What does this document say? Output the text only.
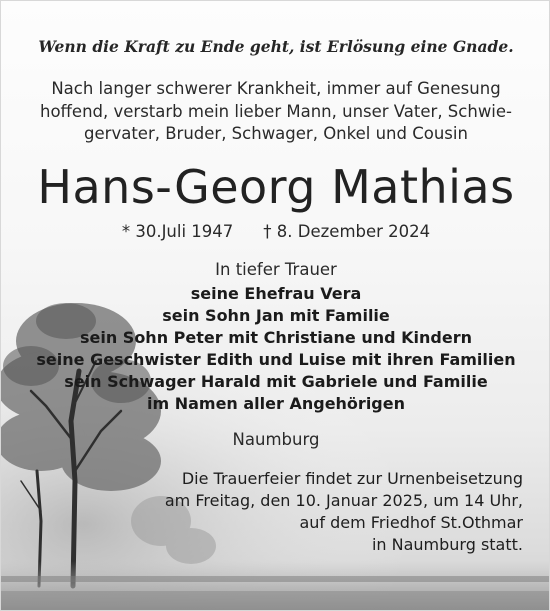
Wenn die Kraft zu Ende geht, ist Erlösung eine Gnade.
Nach langer schwerer Krankheit, immer auf Genesung
hoffend, verstarb mein lieber Mann, unser Vater, Schwie-
gervater, Bruder, Schwager, Onkel und Cousin
Hans-Georg Mathias
* 30.Juli 1947 † 8. Dezember 2024
In tiefer Trauer
seine Ehefrau Vera
sein Sohn Jan mit Familie
sein Sohn Peter mit Christiane und Kindern
seine Geschwister Edith und Luise mit ihren Familien
sein Schwager Harald mit Gabriele und Familie
im Namen aller Angehörigen
Naumburg
Die Trauerfeier findet zur Urnenbeisetzung
am Freitag, den 10. Januar 2025, um 14 Uhr,
auf dem Friedhof St.Othmar
in Naumburg statt.
